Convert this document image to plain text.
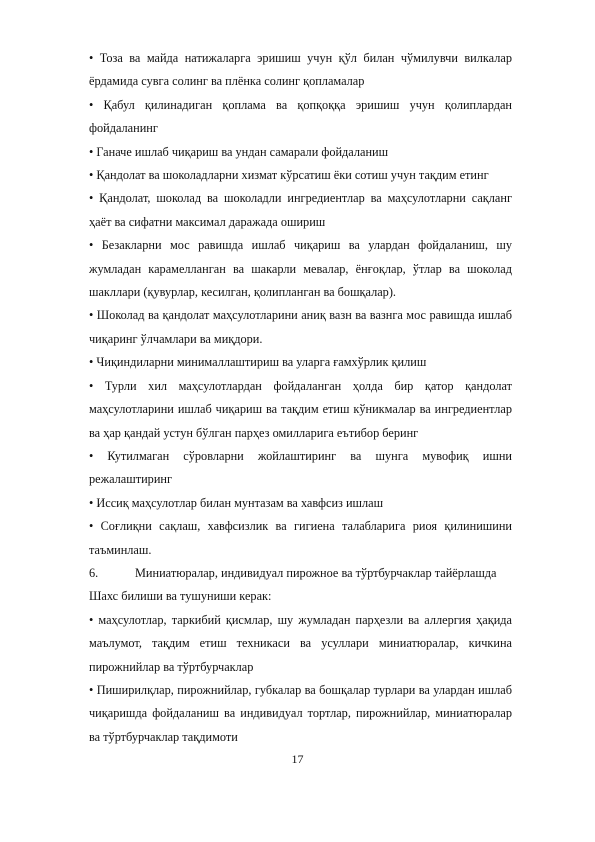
• Тоза ва майда натижаларга эришиш учун қўл билан чўмилувчи вилкалар ёрдамида сувга солинг ва плёнка солинг қопламалар

• Қабул қилинадиган қоплама ва қопқоққа эришиш учун қолиплардан фойдаланинг

• Ганаче ишлаб чиқариш ва ундан самарали фойдаланиш

• Қандолат ва шоколадларни хизмат кўрсатиш ёки сотиш учун тақдим етинг

• Қандолат, шоколад ва шоколадли ингредиентлар ва маҳсулотларни сақланг ҳаёт ва сифатни максимал даражада ошириш

• Безакларни мос равишда ишлаб чиқариш ва улардан фойдаланиш, шу жумладан карамелланган ва шакарли мевалар, ёнғоқлар, ўтлар ва шоколад шакллари (қувурлар, кесилган, қолипланган ва бошқалар).

• Шоколад ва қандолат маҳсулотларини аниқ вазн ва вазнга мос равишда ишлаб чиқаринг ўлчамлари ва миқдори.

• Чиқиндиларни минималлаштириш ва уларга ғамхўрлик қилиш

• Турли хил маҳсулотлардан фойдаланган ҳолда бир қатор қандолат маҳсулотларини ишлаб чиқариш ва тақдим етиш кўникмалар ва ингредиентлар ва ҳар қандай устун бўлган парҳез омилларига еътибор беринг

• Кутилмаган сўровларни жойлаштиринг ва шунга мувофиқ ишни режалаштиринг

• Иссиқ маҳсулотлар билан мунтазам ва хавфсиз ишлаш

• Соғлиқни сақлаш, хавфсизлик ва гигиена талабларига риоя қилинишини таъминлаш.

6.	Миниатюралар, индивидуал пирожное ва тўртбурчаклар тайёрлашда

Шахс билиши ва тушуниши керак:

• маҳсулотлар, таркибий қисмлар, шу жумладан парҳезли ва аллергия ҳақида маълумот, тақдим етиш техникаси ва усуллари миниатюралар, кичкина пирожнийлар ва тўртбурчаклар

• Пиширилқлар, пирожнийлар, губкалар ва бошқалар турлари ва улардан ишлаб чиқаришда фойдаланиш ва индивидуал тортлар, пирожнийлар, миниатюралар ва тўртбурчаклар тақдимоти

17
